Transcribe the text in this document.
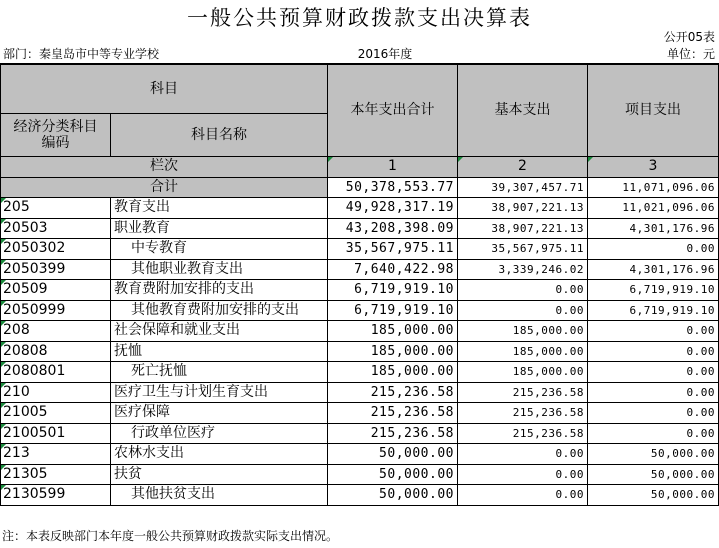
一般公共预算财政拨款支出决算表
公开05表
部门：秦皇岛市中等专业学校	2016年度	单位：元
科目		本年支出合计	基本支出	项目支出
经济分类科目
编码	科目名称			
栏次		1	2	3
合计		50,378,553.77	39,307,457.71	11,071,096.06
205	教育支出	49,928,317.19	38,907,221.13	11,021,096.06
20503	职业教育	43,208,398.09	38,907,221.13	4,301,176.96
2050302	中专教育	35,567,975.11	35,567,975.11	0.00
2050399	其他职业教育支出	7,640,422.98	3,339,246.02	4,301,176.96
20509	教育费附加安排的支出	6,719,919.10	0.00	6,719,919.10
2050999	其他教育费附加安排的支出	6,719,919.10	0.00	6,719,919.10
208	社会保障和就业支出	185,000.00	185,000.00	0.00
20808	抚恤	185,000.00	185,000.00	0.00
2080801	死亡抚恤	185,000.00	185,000.00	0.00
210	医疗卫生与计划生育支出	215,236.58	215,236.58	0.00
21005	医疗保障	215,236.58	215,236.58	0.00
2100501	行政单位医疗	215,236.58	215,236.58	0.00
213	农林水支出	50,000.00	0.00	50,000.00
21305	扶贫	50,000.00	0.00	50,000.00
2130599	其他扶贫支出	50,000.00	0.00	50,000.00
注：本表反映部门本年度一般公共预算财政拨款实际支出情况。
